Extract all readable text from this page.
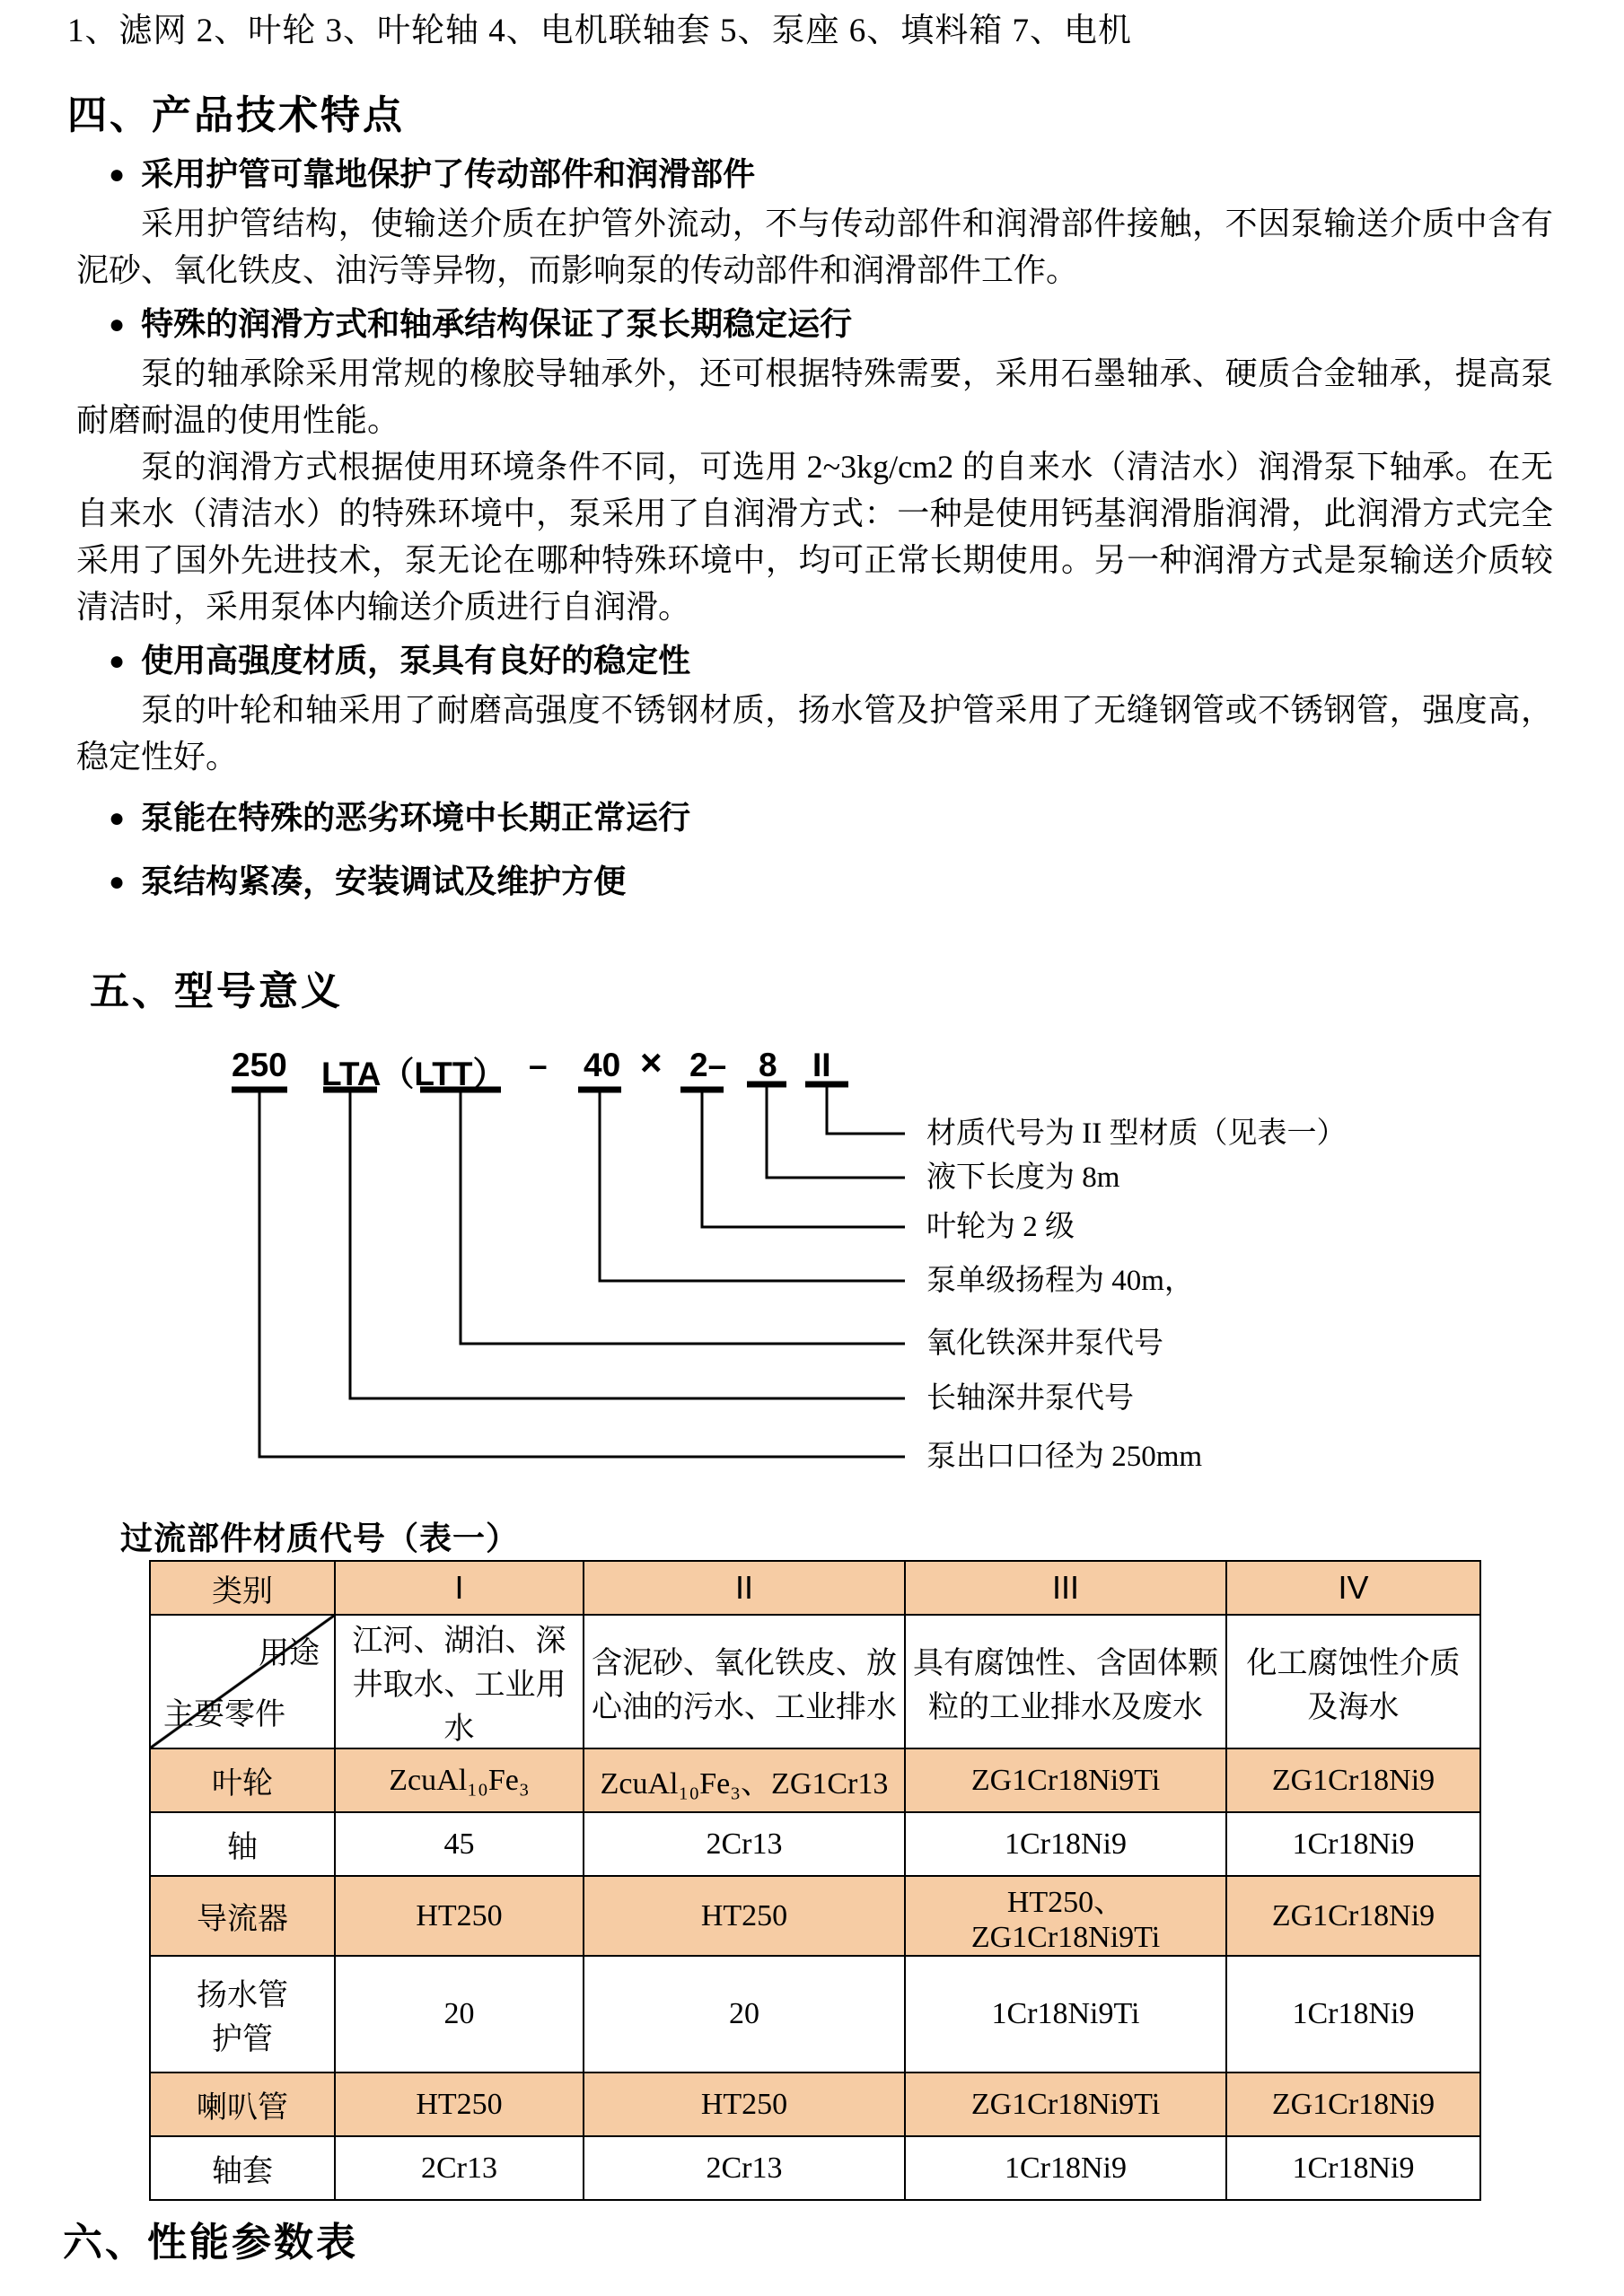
1、滤网 2、叶轮 3、叶轮轴 4、电机联轴套 5、泵座 6、填料箱 7、电机
四、产品技术特点
● 采用护管可靠地保护了传动部件和润滑部件

采用护管结构，使输送介质在护管外流动，不与传动部件和润滑部件接触，不因泵输送介质中含有泥砂、氧化铁皮、油污等异物，而影响泵的传动部件和润滑部件工作。

● 特殊的润滑方式和轴承结构保证了泵长期稳定运行

泵的轴承除采用常规的橡胶导轴承外，还可根据特殊需要，采用石墨轴承、硬质合金轴承，提高泵耐磨耐温的使用性能。

泵的润滑方式根据使用环境条件不同，可选用 2~3kg/cm2 的自来水（清洁水）润滑泵下轴承。在无自来水（清洁水）的特殊环境中，泵采用了自润滑方式：一种是使用钙基润滑脂润滑，此润滑方式完全采用了国外先进技术，泵无论在哪种特殊环境中，均可正常长期使用。另一种润滑方式是泵输送介质较清洁时，采用泵体内输送介质进行自润滑。

● 使用高强度材质，泵具有良好的稳定性

泵的叶轮和轴采用了耐磨高强度不锈钢材质，扬水管及护管采用了无缝钢管或不锈钢管，强度高，稳定性好。

● 泵能在特殊的恶劣环境中长期正常运行
● 泵结构紧凑，安装调试及维护方便
五、型号意义
250 LTA（LTT） – 40 × 2– 8 II
材质代号为 II 型材质（见表一）
液下长度为 8m
叶轮为 2 级
泵单级扬程为 40m，
氧化铁深井泵代号
长轴深井泵代号
泵出口口径为 250mm
过流部件材质代号（表一）
类别	I	II	III	IV

用途
主要零件	江河、湖泊、深井取水、工业用水	含泥砂、氧化铁皮、放心油的污水、工业排水	具有腐蚀性、含固体颗粒的工业排水及废水	化工腐蚀性介质及海水
叶轮	ZcuAl₁₀Fe₃	ZcuAl₁₀Fe₃、ZG1Cr13	ZG1Cr18Ni9Ti	ZG1Cr18Ni9
轴	45	2Cr13	1Cr18Ni9	1Cr18Ni9
导流器	HT250	HT250	HT250、 ZG1Cr18Ni9Ti	ZG1Cr18Ni9

扬水管
护管	20	20	1Cr18Ni9Ti	1Cr18Ni9
喇叭管	HT250	HT250	ZG1Cr18Ni9Ti	ZG1Cr18Ni9
轴套	2Cr13	2Cr13	1Cr18Ni9	1Cr18Ni9
六、性能参数表
